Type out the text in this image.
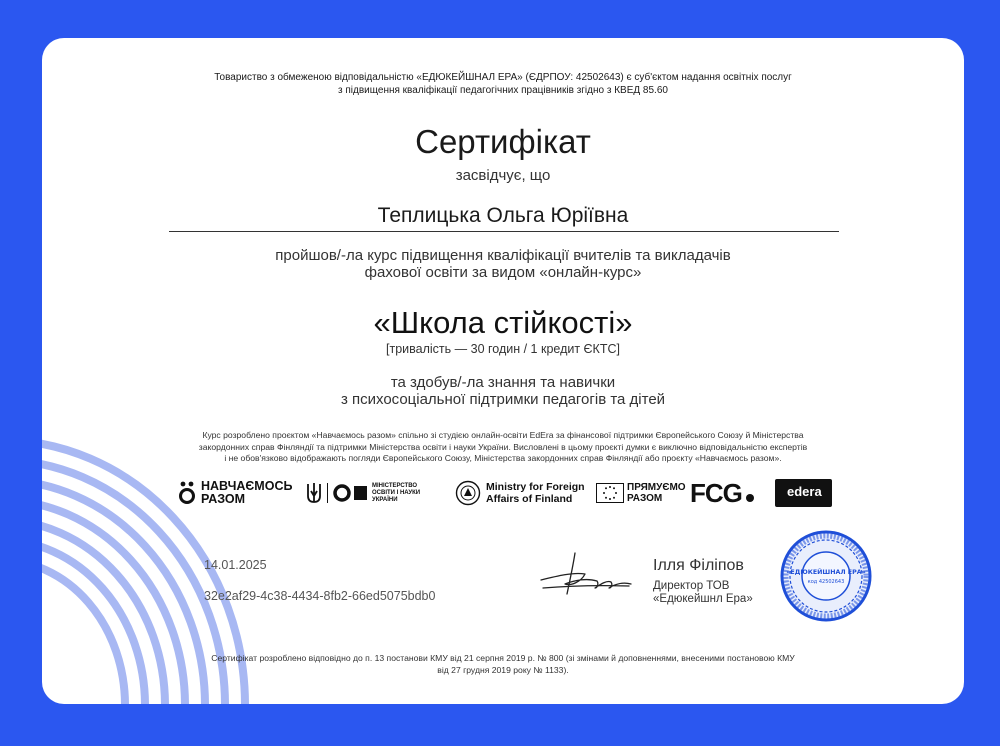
Товариство з обмеженою відповідальністю «ЕДЮКЕЙШНАЛ ЕРА» (ЄДРПОУ: 42502643) є суб'єктом надання освітніх послуг
з підвищення кваліфікації педагогічних працівників згідно з КВЕД 85.60
Сертифікат
засвідчує, що
Теплицька Ольга Юріївна
пройшов/-ла курс підвищення кваліфікації вчителів та викладачів
фахової освіти за видом «онлайн-курс»
«Школа стійкості»
[тривалість — 30 годин / 1 кредит ЄКТС]
та здобув/-ла знання та навички
з психосоціальної підтримки педагогів та дітей
Курс розроблено проєктом «Навчаємось разом» спільно зі студією онлайн-освіти EdEra за фінансової підтримки Європейського Союзу й Міністерства
закордонних справ Фінляндії та підтримки Міністерства освіти і науки України. Висловлені в цьому проєкті думки є виключно відповідальністю експертів
і не обов'язково відображають погляди Європейського Союзу, Міністерства закордонних справ Фінляндії або проєкту «Навчаємось разом».
НАВЧАЄМОСЬ
РАЗОМ
МІНІСТЕРСТВО
ОСВІТИ І НАУКИ
УКРАЇНИ
Ministry for Foreign
Affairs of Finland
ПРЯМУЄМО
РАЗОМ	FCG	edera
14.01.2025
32e2af29-4c38-4434-8fb2-66ed5075bdb0
Ілля Філіпов
Директор ТОВ
«Едюкейшнл Ера»
«ЕДЮКЕЙШНАЛ ЕРА»
код 42502643
Сертифікат розроблено відповідно до п. 13 постанови КМУ від 21 серпня 2019 р. № 800 (зі змінами й доповненнями, внесеними постановою КМУ
від 27 грудня 2019 року № 1133).
